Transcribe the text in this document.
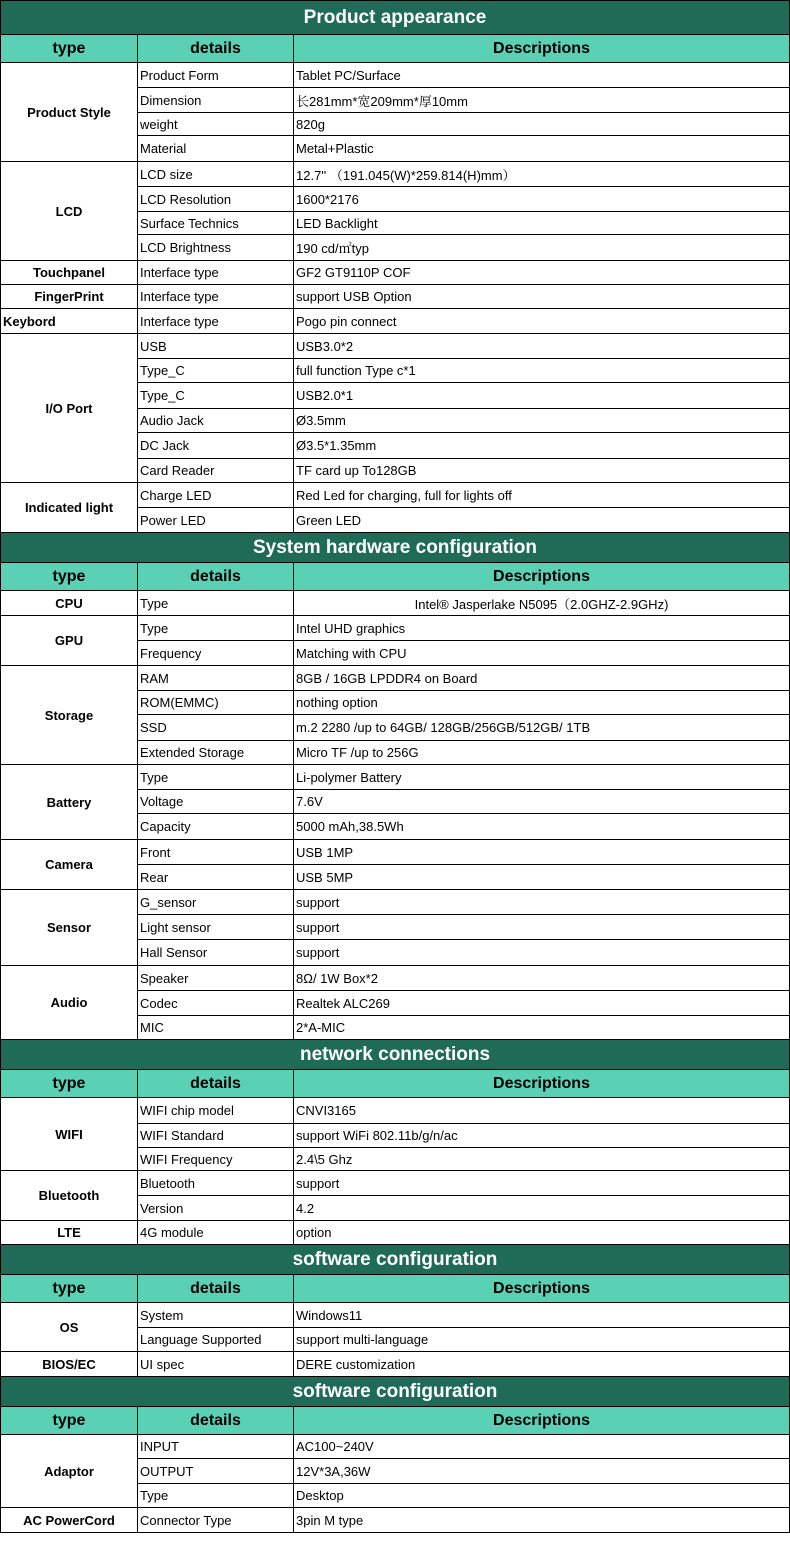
Product appearance		
type	details	Descriptions
Product Style	Product Form	Tablet PC/Surface
	Dimension	长281mm*宽209mm*厚10mm
	weight	820g
	Material	Metal+Plastic
LCD	LCD size	12.7'' （191.045(W)*259.814(H)mm）
	LCD Resolution	1600*2176
	Surface Technics	LED Backlight
	LCD Brightness	190 cd/㎡typ
Touchpanel	Interface type	GF2 GT9110P COF
FingerPrint	Interface type	support USB Option
Keybord	Interface type	Pogo pin connect
I/O Port	USB	USB3.0*2
	Type_C	full function Type c*1
	Type_C	USB2.0*1
	Audio Jack	Ø3.5mm
	DC Jack	Ø3.5*1.35mm
	Card Reader	TF card up To128GB
Indicated light	Charge LED	Red Led for charging, full for lights off
	Power LED	Green LED
System hardware configuration		
type	details	Descriptions
CPU	Type	Intel® Jasperlake N5095（2.0GHZ-2.9GHz)
GPU	Type	Intel UHD graphics
	Frequency	Matching with CPU
Storage	RAM	8GB / 16GB LPDDR4 on Board
	ROM(EMMC)	nothing option
	SSD	m.2 2280 /up to 64GB/ 128GB/256GB/512GB/ 1TB
	Extended Storage	Micro TF /up to 256G
Battery	Type	Li-polymer Battery
	Voltage	7.6V
	Capacity	5000 mAh,38.5Wh
Camera	Front	USB 1MP
	Rear	USB 5MP
Sensor	G_sensor	support
	Light sensor	support
	Hall Sensor	support
Audio	Speaker	8Ω/ 1W Box*2
	Codec	Realtek ALC269
	MIC	2*A-MIC
network connections		
type	details	Descriptions
WIFI	WIFI chip model	CNVI3165
	WIFI Standard	support WiFi 802.11b/g/n/ac
	WIFI Frequency	2.4\5 Ghz
Bluetooth	Bluetooth	support
	Version	4.2
LTE	4G module	option
software configuration		
type	details	Descriptions
OS	System	Windows11
	Language Supported	support multi-language
BIOS/EC	UI spec	DERE customization
software configuration		
type	details	Descriptions
Adaptor	INPUT	AC100~240V
	OUTPUT	12V*3A,36W
	Type	Desktop
AC PowerCord	Connector Type	3pin M type
